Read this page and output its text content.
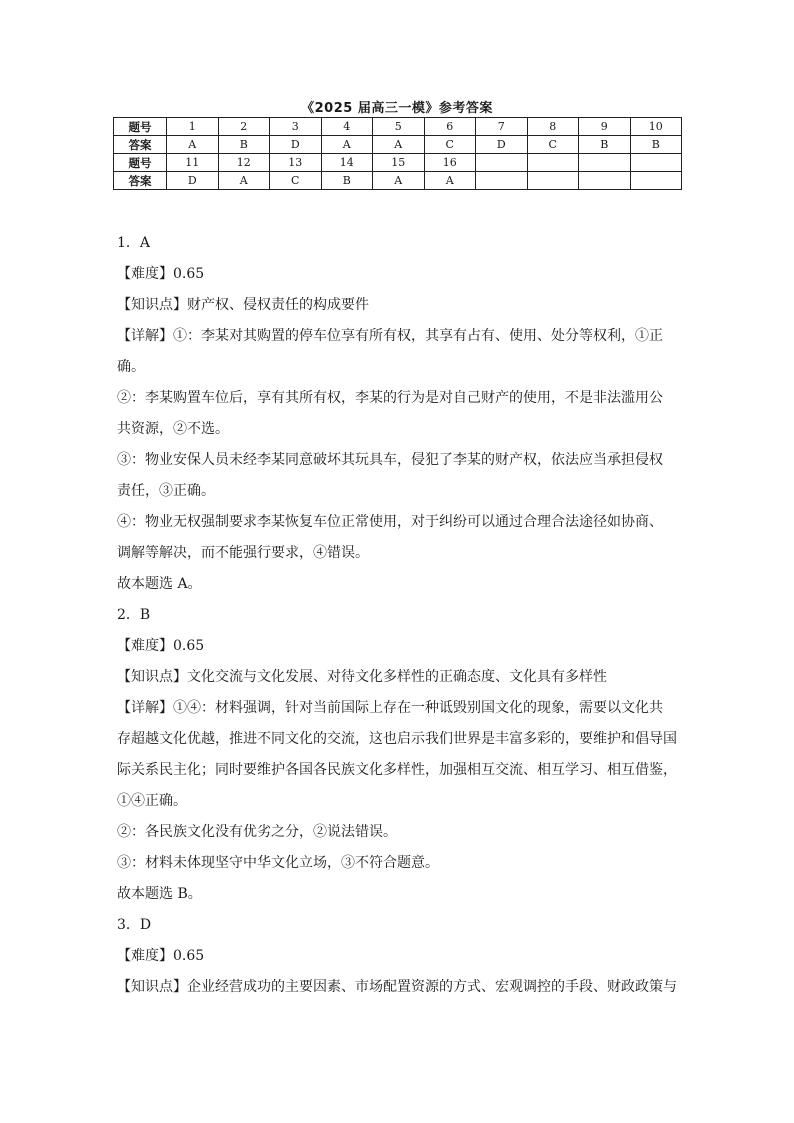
《2025 届高三一模》参考答案
题号	1	2	3	4	5	6	7	8	9	10
答案	A	B	D	A	A	C	D	C	B	B
题号	11	12	13	14	15	16				
答案	D	A	C	B	A	A				

1．A

【难度】0.65

【知识点】财产权、侵权责任的构成要件

【详解】①：李某对其购置的停车位享有所有权，其享有占有、使用、处分等权利，①正

确。

②：李某购置车位后，享有其所有权，李某的行为是对自己财产的使用，不是非法滥用公

共资源，②不选。

③：物业安保人员未经李某同意破坏其玩具车，侵犯了李某的财产权，依法应当承担侵权

责任，③正确。

④：物业无权强制要求李某恢复车位正常使用，对于纠纷可以通过合理合法途径如协商、

调解等解决，而不能强行要求，④错误。

故本题选 A。

2．B

【难度】0.65

【知识点】文化交流与文化发展、对待文化多样性的正确态度、文化具有多样性

【详解】①④：材料强调，针对当前国际上存在一种诋毁别国文化的现象，需要以文化共

存超越文化优越，推进不同文化的交流，这也启示我们世界是丰富多彩的，要维护和倡导国

际关系民主化；同时要维护各国各民族文化多样性，加强相互交流、相互学习、相互借鉴，

①④正确。

②：各民族文化没有优劣之分，②说法错误。

③：材料未体现坚守中华文化立场，③不符合题意。

故本题选 B。

3．D

【难度】0.65

【知识点】企业经营成功的主要因素、市场配置资源的方式、宏观调控的手段、财政政策与
